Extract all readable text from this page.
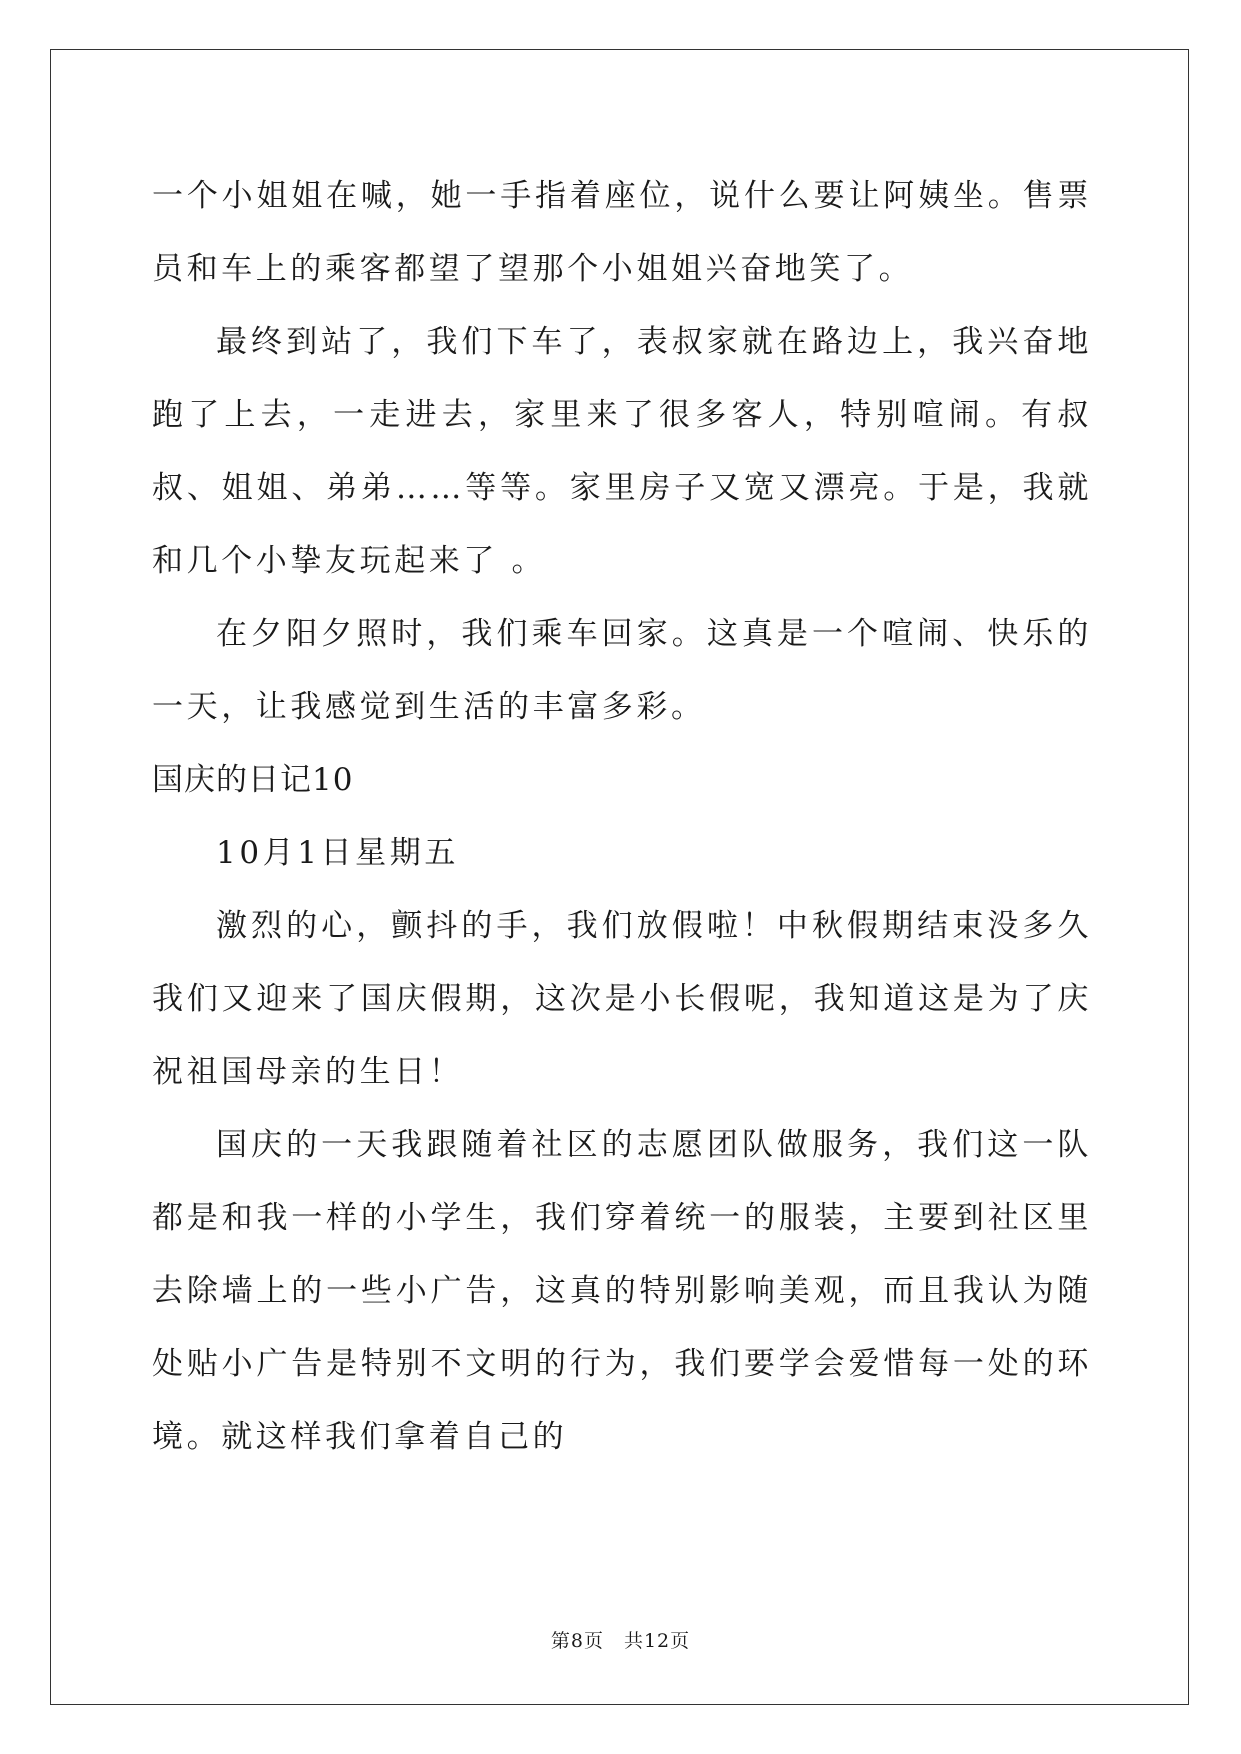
一个小姐姐在喊，她一手指着座位，说什么要让阿姨坐。售票员和车上的乘客都望了望那个小姐姐兴奋地笑了。

最终到站了，我们下车了，表叔家就在路边上，我兴奋地跑了上去，一走进去，家里来了很多客人，特别喧闹。有叔叔、姐姐、弟弟……等等。家里房子又宽又漂亮。于是，我就和几个小挚友玩起来了 。

在夕阳夕照时，我们乘车回家。这真是一个喧闹、快乐的一天，让我感觉到生活的丰富多彩。

国庆的日记10

10月1日星期五

激烈的心，颤抖的手，我们放假啦！中秋假期结束没多久我们又迎来了国庆假期，这次是小长假呢，我知道这是为了庆祝祖国母亲的生日！

国庆的一天我跟随着社区的志愿团队做服务，我们这一队都是和我一样的小学生，我们穿着统一的服装，主要到社区里去除墙上的一些小广告，这真的特别影响美观，而且我认为随处贴小广告是特别不文明的行为，我们要学会爱惜每一处的环境。就这样我们拿着自己的

第8页　共12页
